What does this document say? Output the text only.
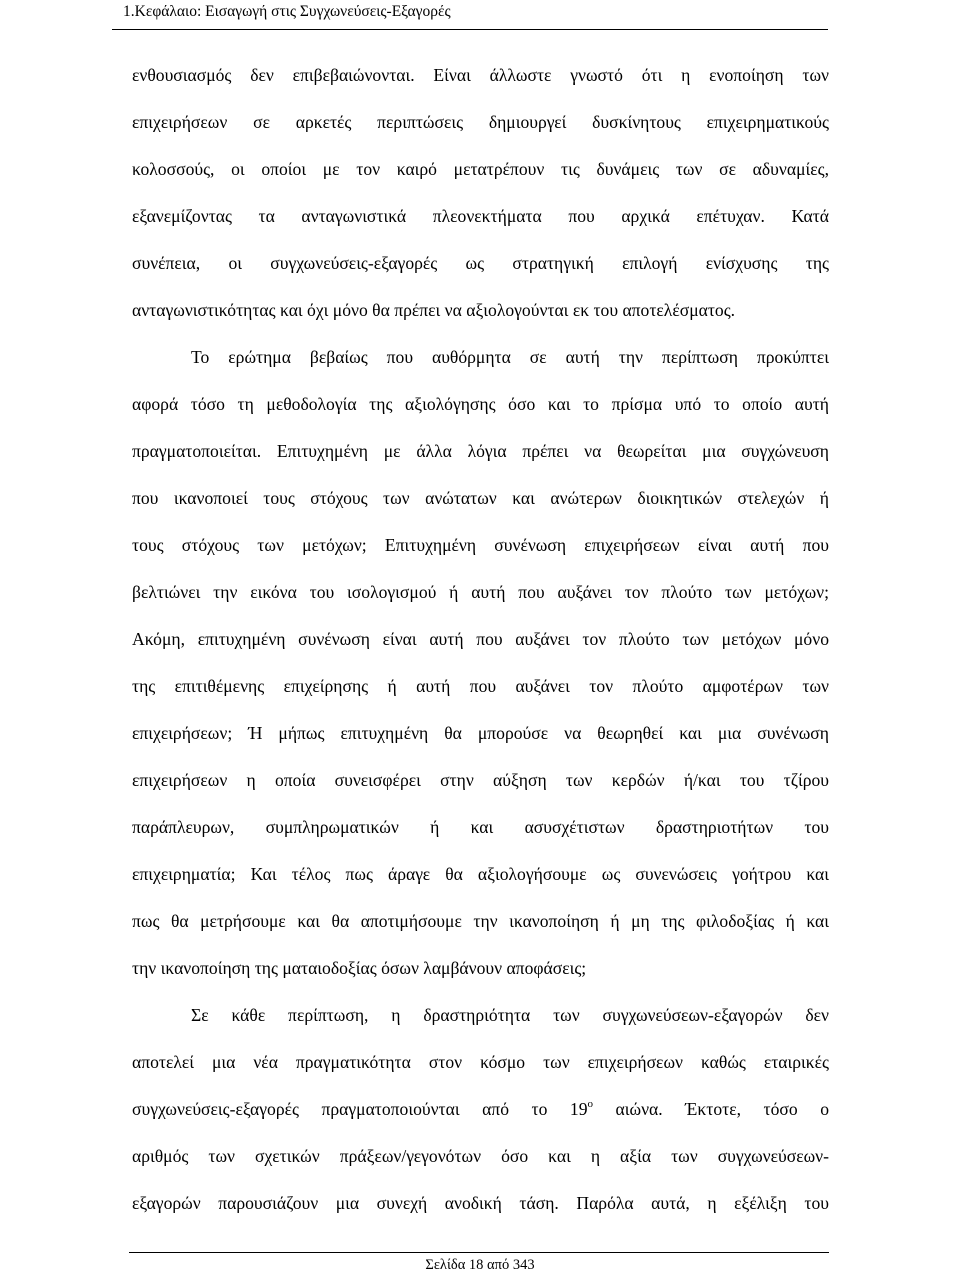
1.Κεφάλαιο: Εισαγωγή στις Συγχωνεύσεις-Εξαγορές
ενθουσιασμός δεν επιβεβαιώνονται. Είναι άλλωστε γνωστό ότι η ενοποίηση των
επιχειρήσεων σε αρκετές περιπτώσεις δημιουργεί δυσκίνητους επιχειρηματικούς
κολοσσούς, οι οποίοι με τον καιρό μετατρέπουν τις δυνάμεις των σε αδυναμίες,
εξανεμίζοντας τα ανταγωνιστικά πλεονεκτήματα που αρχικά επέτυχαν. Κατά
συνέπεια, οι συγχωνεύσεις-εξαγορές ως στρατηγική επιλογή ενίσχυσης της
ανταγωνιστικότητας και όχι μόνο θα πρέπει να αξιολογούνται εκ του αποτελέσματος.
Το ερώτημα βεβαίως που αυθόρμητα σε αυτή την περίπτωση προκύπτει
αφορά τόσο τη μεθοδολογία της αξιολόγησης όσο και το πρίσμα υπό το οποίο αυτή
πραγματοποιείται. Επιτυχημένη με άλλα λόγια πρέπει να θεωρείται μια συγχώνευση
που ικανοποιεί τους στόχους των ανώτατων και ανώτερων διοικητικών στελεχών ή
τους στόχους των μετόχων; Επιτυχημένη συνένωση επιχειρήσεων είναι αυτή που
βελτιώνει την εικόνα του ισολογισμού ή αυτή που αυξάνει τον πλούτο των μετόχων;
Ακόμη, επιτυχημένη συνένωση είναι αυτή που αυξάνει τον πλούτο των μετόχων μόνο
της επιτιθέμενης επιχείρησης ή αυτή που αυξάνει τον πλούτο αμφοτέρων των
επιχειρήσεων; Ή μήπως επιτυχημένη θα μπορούσε να θεωρηθεί και μια συνένωση
επιχειρήσεων η οποία συνεισφέρει στην αύξηση των κερδών ή/και του τζίρου
παράπλευρων, συμπληρωματικών ή και ασυσχέτιστων δραστηριοτήτων του
επιχειρηματία; Και τέλος πως άραγε θα αξιολογήσουμε ως συνενώσεις γοήτρου και
πως θα μετρήσουμε και θα αποτιμήσουμε την ικανοποίηση ή μη της φιλοδοξίας ή και
την ικανοποίηση της ματαιοδοξίας όσων λαμβάνουν αποφάσεις;
Σε κάθε περίπτωση, η δραστηριότητα των συγχωνεύσεων-εξαγορών δεν
αποτελεί μια νέα πραγματικότητα στον κόσμο των επιχειρήσεων καθώς εταιρικές
συγχωνεύσεις-εξαγορές πραγματοποιούνται από το $19^o$ αιώνα. Έκτοτε, τόσο ο
αριθμός των σχετικών πράξεων/γεγονότων όσο και η αξία των συγχωνεύσεων-
εξαγορών παρουσιάζουν μια συνεχή ανοδική τάση. Παρόλα αυτά, η εξέλιξη του
Σελίδα 18 από 343
